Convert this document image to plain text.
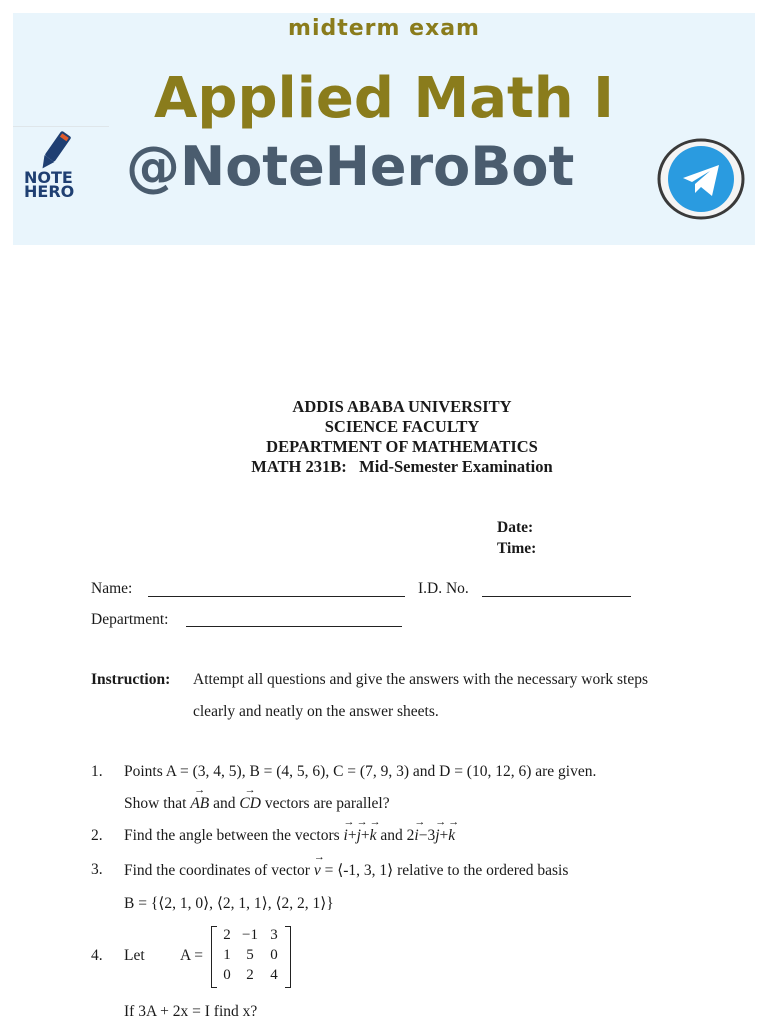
midterm exam
Applied Math I
@NoteHeroBot
NOTE
HERO
ADDIS ABABA UNIVERSITY
SCIENCE FACULTY
DEPARTMENT OF MATHEMATICS
MATH 231B:   Mid-Semester Examination
Date:
Time:
Name:	I.D. No.
Department:
Instruction: Attempt all questions and give the answers with the necessary work steps
clearly and neatly on the answer sheets.
1. Points A = (3, 4, 5), B = (4, 5, 6), C = (7, 9, 3) and D = (10, 12, 6) are given.
Show that → AB and → CD vectors are parallel?
2. Find the angle between the vectors → i+→ j+→ k and 2→ i−3→ j+→ k
3. Find the coordinates of vector → v = ⟨-1, 3, 1⟩ relative to the ordered basis
B = {⟨2, 1, 0⟩, ⟨2, 1, 1⟩, ⟨2, 2, 1⟩}
4. Let A =
2 −1 3
1	5	0
0	2	4
If 3A + 2x = I find x?
